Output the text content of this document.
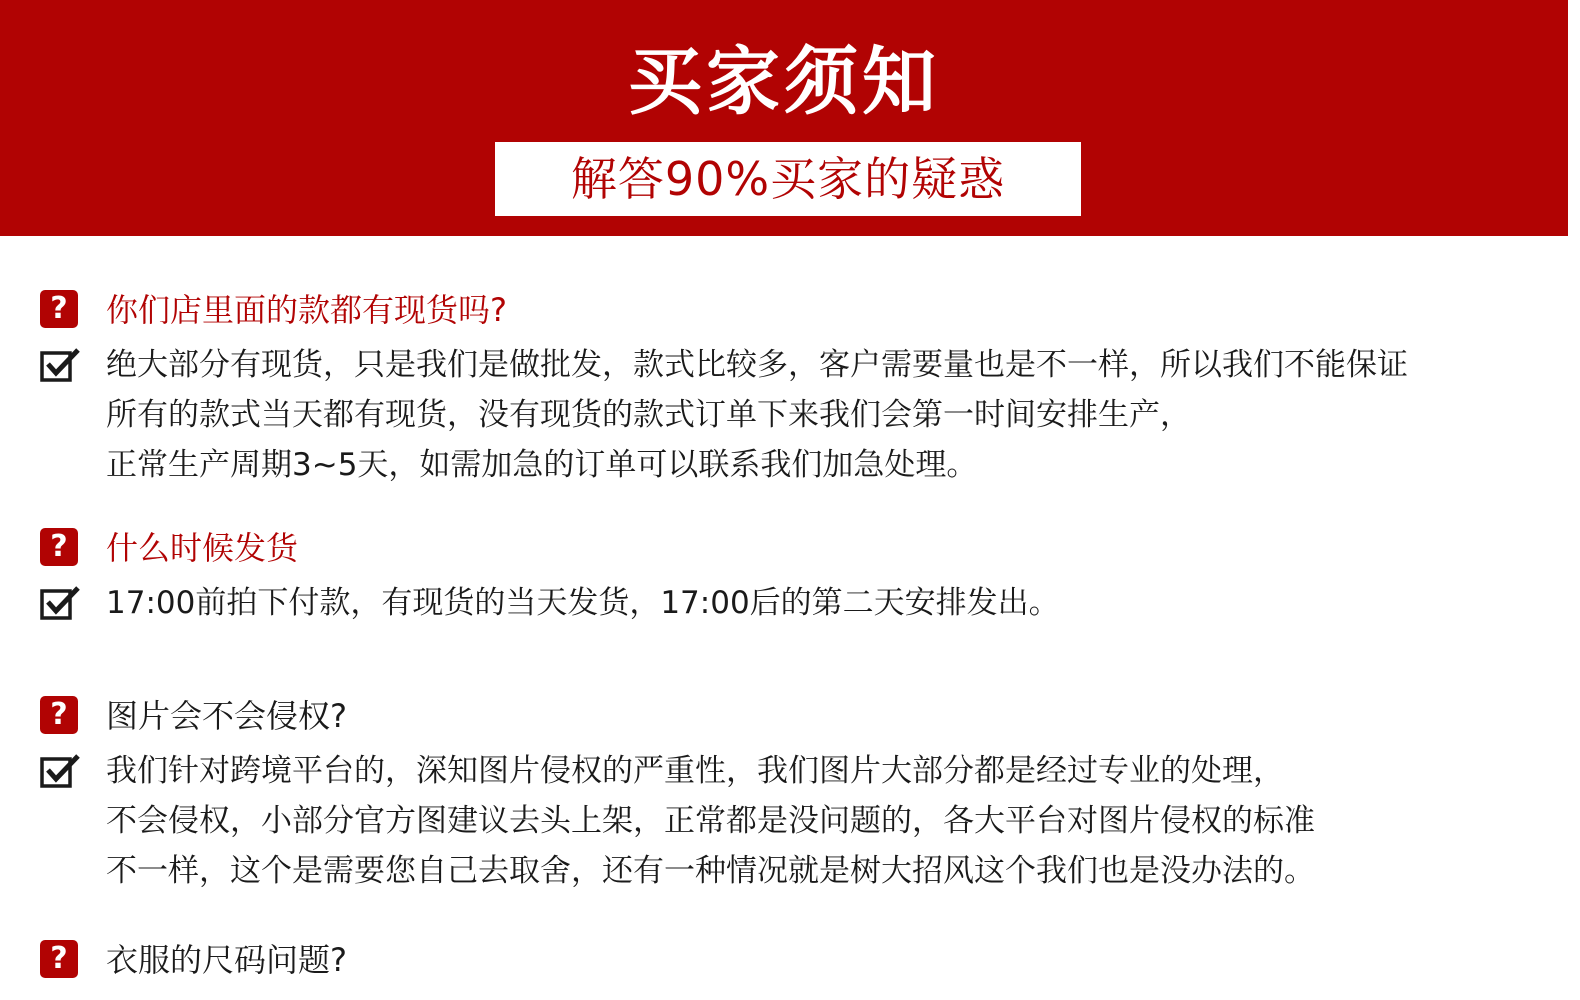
买家须知
解答90%买家的疑惑
?	你们店里面的款都有现货吗?
绝大部分有现货，只是我们是做批发，款式比较多，客户需要量也是不一样，所以我们不能保证
所有的款式当天都有现货，没有现货的款式订单下来我们会第一时间安排生产，
正常生产周期3~5天，如需加急的订单可以联系我们加急处理。
?	什么时候发货
17:00前拍下付款，有现货的当天发货，17:00后的第二天安排发出。
?	图片会不会侵权?
我们针对跨境平台的，深知图片侵权的严重性，我们图片大部分都是经过专业的处理，
不会侵权，小部分官方图建议去头上架，正常都是没问题的，各大平台对图片侵权的标准
不一样，这个是需要您自己去取舍，还有一种情况就是树大招风这个我们也是没办法的。
?	衣服的尺码问题?
